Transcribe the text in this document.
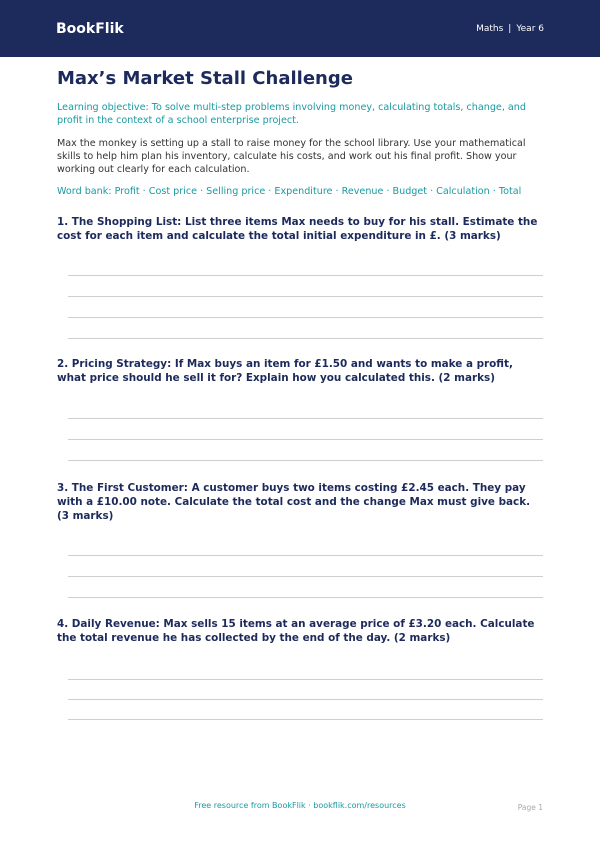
BookFlik	Maths | Year 6
Max’s Market Stall Challenge
Learning objective: To solve multi-step problems involving money, calculating totals, change, and profit in the context of a school enterprise project.
Max the monkey is setting up a stall to raise money for the school library. Use your mathematical skills to help him plan his inventory, calculate his costs, and work out his final profit. Show your working out clearly for each calculation.
Word bank: Profit · Cost price · Selling price · Expenditure · Revenue · Budget · Calculation · Total
1. The Shopping List: List three items Max needs to buy for his stall. Estimate the cost for each item and calculate the total initial expenditure in £. (3 marks)
2. Pricing Strategy: If Max buys an item for £1.50 and wants to make a profit, what price should he sell it for? Explain how you calculated this. (2 marks)
3. The First Customer: A customer buys two items costing £2.45 each. They pay with a £10.00 note. Calculate the total cost and the change Max must give back. (3 marks)
4. Daily Revenue: Max sells 15 items at an average price of £3.20 each. Calculate the total revenue he has collected by the end of the day. (2 marks)
Free resource from BookFlik · bookflik.com/resources	Page 1
